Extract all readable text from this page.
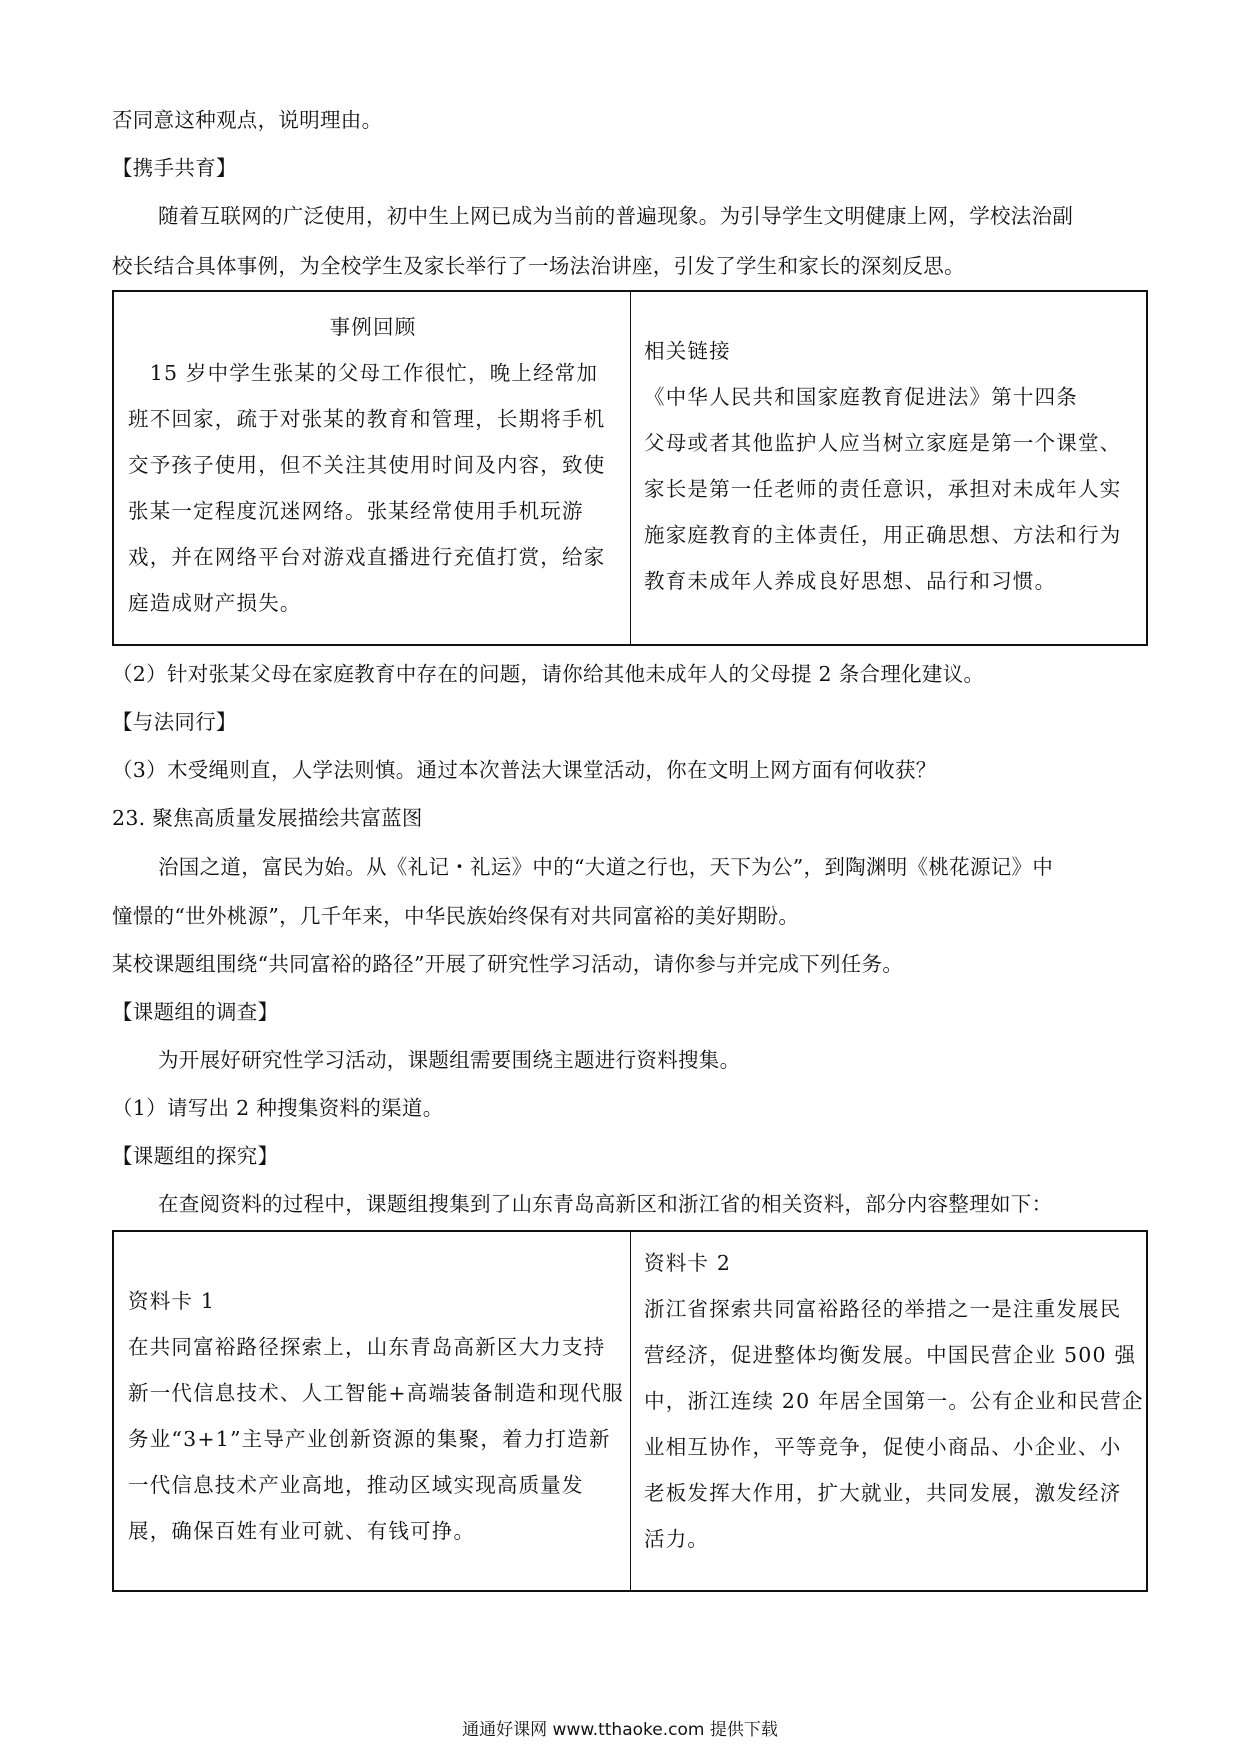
否同意这种观点，说明理由。
【携手共育】
随着互联网的广泛使用，初中生上网已成为当前的普遍现象。为引导学生文明健康上网，学校法治副
校长结合具体事例，为全校学生及家长举行了一场法治讲座，引发了学生和家长的深刻反思。
事例回顾
　15 岁中学生张某的父母工作很忙，晚上经常加
班不回家，疏于对张某的教育和管理，长期将手机
交予孩子使用，但不关注其使用时间及内容，致使
张某一定程度沉迷网络。张某经常使用手机玩游
戏，并在网络平台对游戏直播进行充值打赏，给家
庭造成财产损失。
相关链接
《中华人民共和国家庭教育促进法》第十四条
父母或者其他监护人应当树立家庭是第一个课堂、
家长是第一任老师的责任意识，承担对未成年人实
施家庭教育的主体责任，用正确思想、方法和行为
教育未成年人养成良好思想、品行和习惯。
（2）针对张某父母在家庭教育中存在的问题，请你给其他未成年人的父母提 2 条合理化建议。
【与法同行】
（3）木受绳则直，人学法则慎。通过本次普法大课堂活动，你在文明上网方面有何收获？
23. 聚焦高质量发展描绘共富蓝图
治国之道，富民为始。从《礼记・礼运》中的“大道之行也，天下为公”，到陶渊明《桃花源记》中
憧憬的“世外桃源”，几千年来，中华民族始终保有对共同富裕的美好期盼。
某校课题组围绕“共同富裕的路径”开展了研究性学习活动，请你参与并完成下列任务。
【课题组的调查】
为开展好研究性学习活动，课题组需要围绕主题进行资料搜集。
（1）请写出 2 种搜集资料的渠道。
【课题组的探究】
在查阅资料的过程中，课题组搜集到了山东青岛高新区和浙江省的相关资料，部分内容整理如下：
资料卡 1
在共同富裕路径探索上，山东青岛高新区大力支持
新一代信息技术、人工智能+高端装备制造和现代服
务业“3+1”主导产业创新资源的集聚，着力打造新
一代信息技术产业高地，推动区域实现高质量发
展，确保百姓有业可就、有钱可挣。
资料卡 2
浙江省探索共同富裕路径的举措之一是注重发展民
营经济，促进整体均衡发展。中国民营企业 500 强
中，浙江连续 20 年居全国第一。公有企业和民营企
业相互协作，平等竞争，促使小商品、小企业、小
老板发挥大作用，扩大就业，共同发展，激发经济
活力。
通通好课网 www.tthaoke.com 提供下载
